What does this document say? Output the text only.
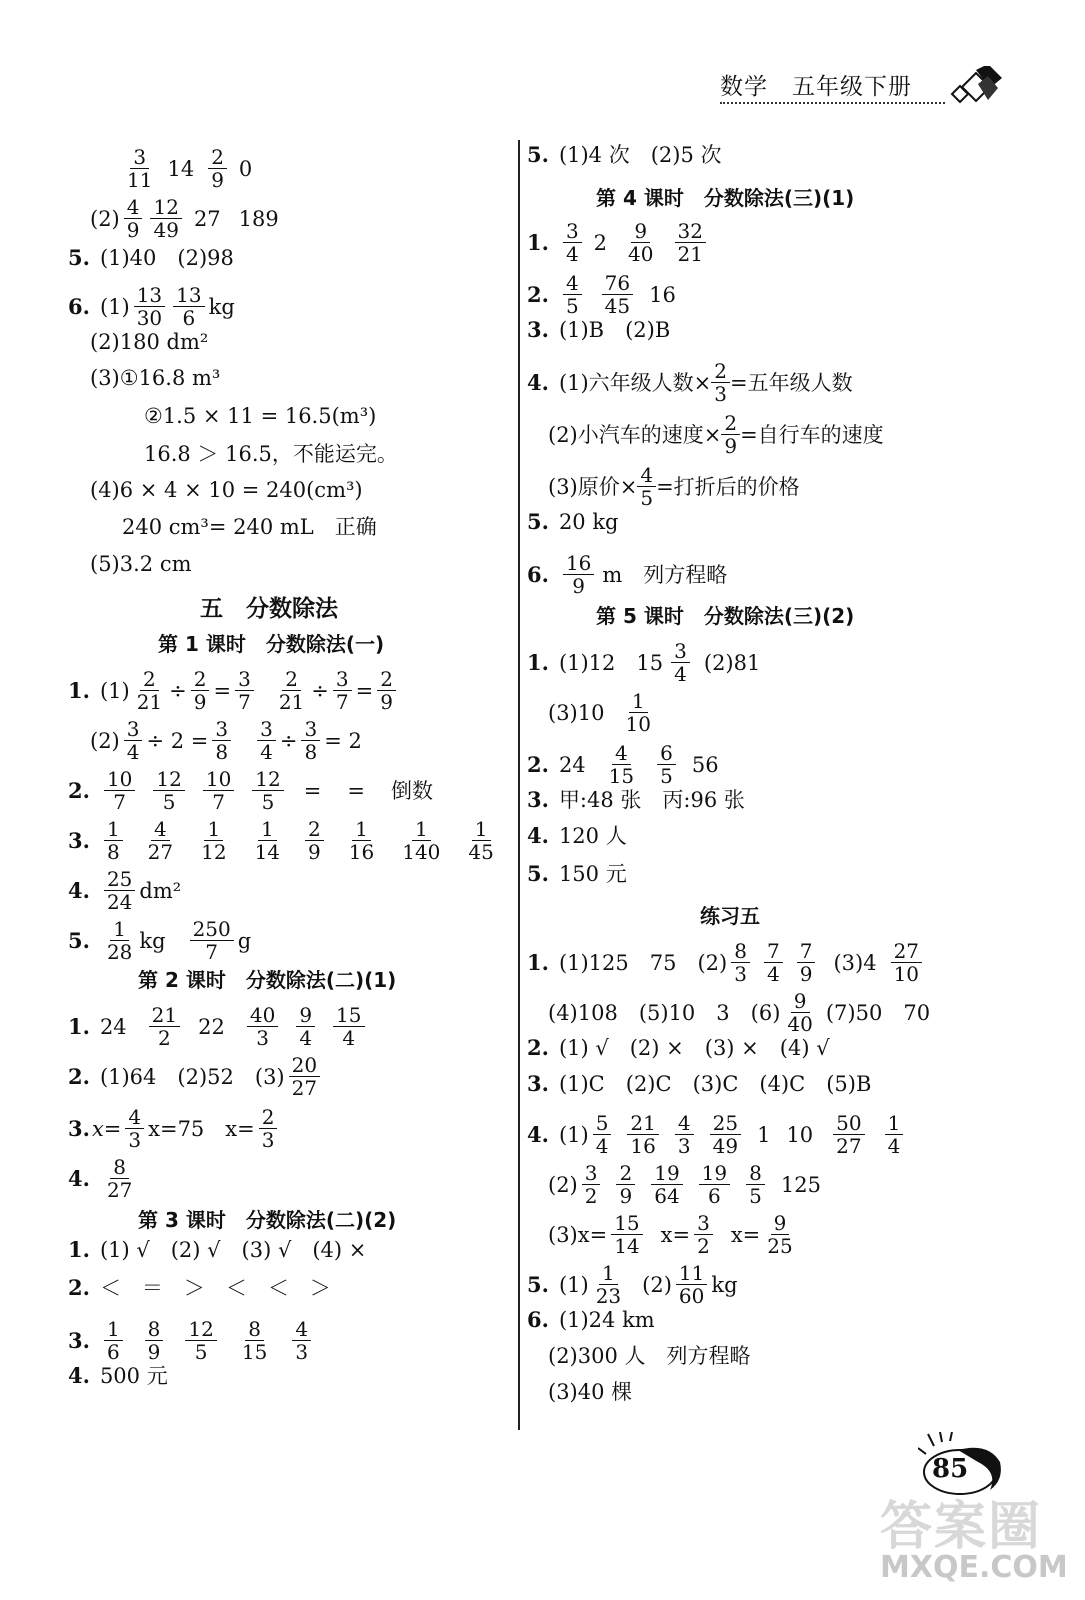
数学　五年级下册
$\frac{3}{11} 14 \frac{2}{9} 0$
$(2) \frac{4}{9} \frac{12}{49} 27$ 189
5. (1)40　(2)98
6. $(1) \frac{13}{30} \frac{13}{6}$ kg
(2)180 dm²
(3)①16.8 m³
②1.5 × 11 = 16.5(m³)
16.8 ＞ 16.5，不能运完。
(4)6 × 4 × 10 = 240(cm³)
240 cm³= 240 mL　正确
(5)3.2 cm
五　分数除法
第 1 课时　分数除法(一)
1. $(1) \frac{2}{21} \div \frac{2}{9} = \frac{3}{7} \frac{2}{21} \div \frac{3}{7} = \frac{2}{9}$
$(2) \frac{3}{4} \div 2 = \frac{3}{8} \frac{3}{4} \div \frac{3}{8} = 2$
2. $\frac{10}{7} \frac{12}{5} \frac{10}{7} \frac{12}{5}$ = = 倒数
3. $\frac{1}{8} \frac{4}{27} \frac{1}{12} \frac{1}{14} \frac{2}{9} \frac{1}{16} \frac{1}{140} \frac{1}{45}$
4. $\frac{25}{24} dm^2$
5. $\frac{1}{28}$ kg $\frac{250}{7}$ g
第 2 课时　分数除法(二)(1)
1. $24 \frac{21}{2} 22 \frac{40}{3} \frac{9}{4} \frac{15}{4}$
2. (1)64　(2)52　$(3) \frac{20}{27}$
3. $x= \frac{4}{3} x=75$　$x= \frac{2}{3}$
4. $\frac{8}{27}$
第 3 课时　分数除法(二)(2)
1. (1) √　(2) √　(3) √　(4) ×
2. ＜　＝　＞　＜　＜　＞
3. $\frac{1}{6} \frac{8}{9} \frac{12}{5} \frac{8}{15} \frac{4}{3}$
4. 500 元
5. (1)4 次　(2)5 次
第 4 课时　分数除法(三)(1)
1. $\frac{3}{4} 2 \frac{9}{40} \frac{32}{21}$
2. $\frac{4}{5} \frac{76}{45} 16$
3. (1)B　(2)B
4. (1)六年级人数× $\frac{2}{3}$ =五年级人数
(2)小汽车的速度× $\frac{2}{9}$ =自行车的速度
(3)原价× $\frac{4}{5}$ =打折后的价格
5. 20 kg
6. $\frac{16}{9}$ m　列方程略
第 5 课时　分数除法(三)(2)
1. (1)12　$15 \frac{3}{4} (2)81$
$(3)10 \frac{1}{10}$
2. $24 \frac{4}{15} \frac{6}{5} 56$
3. 甲:48 张　丙:96 张
4. 120 人
5. 150 元
练习五
1. (1)125　75　$(2) \frac{8}{3} \frac{7}{4} \frac{7}{9} (3)4 \frac{27}{10}$
(4)108　(5)10　3　$(6) \frac{9}{40} (7)50$　70
2. (1) √　(2) ×　(3) ×　(4) √
3. (1)C　(2)C　(3)C　(4)C　(5)B
4. $(1) \frac{5}{4} \frac{21}{16} \frac{4}{3} \frac{25}{49} 1$ $10 \frac{50}{27} \frac{1}{4}$
$(2) \frac{3}{2} \frac{2}{9} \frac{19}{64} \frac{19}{6} \frac{8}{5} 125$
$(3)x= \frac{15}{14} x= \frac{3}{2} x= \frac{9}{25}$
5. $(1) \frac{1}{23} (2) \frac{11}{60}$ kg
6. (1)24 km
(2)300 人　列方程略
(3)40 棵
85
答案圈
MXQE.COM
